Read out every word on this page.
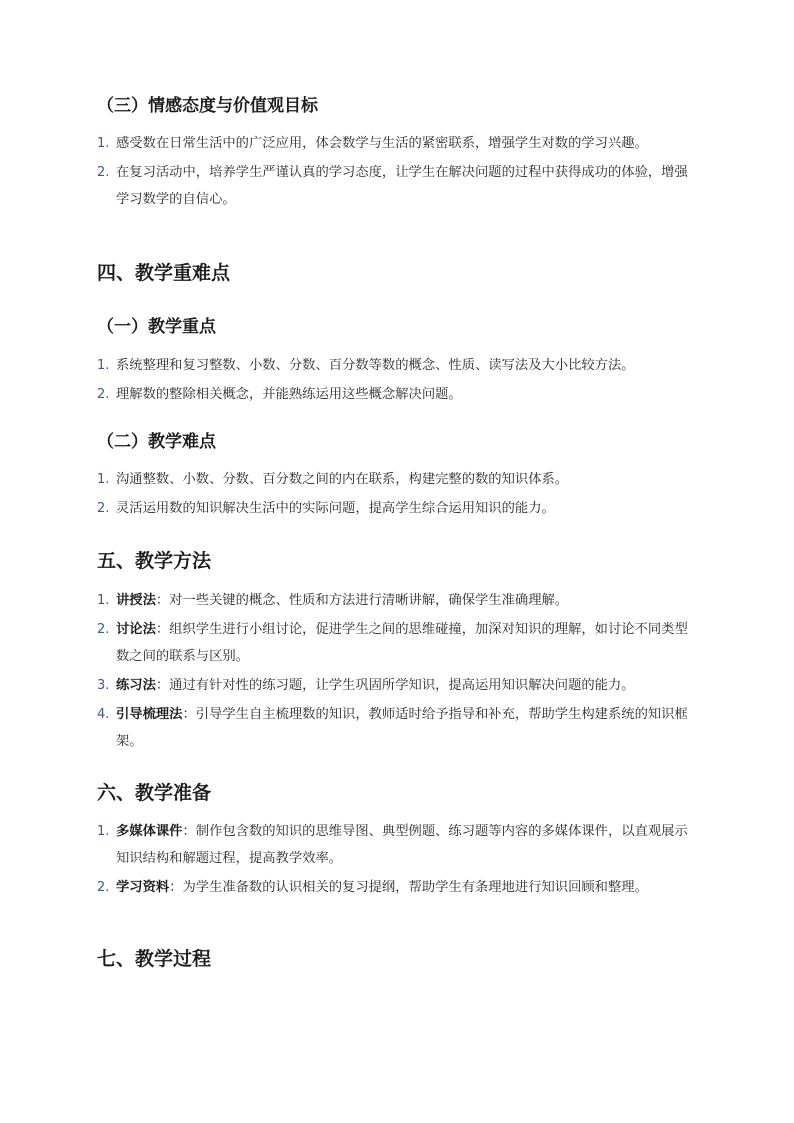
（三）情感态度与价值观目标
1. 感受数在日常生活中的广泛应用，体会数学与生活的紧密联系，增强学生对数的学习兴趣。
2. 在复习活动中，培养学生严谨认真的学习态度，让学生在解决问题的过程中获得成功的体验，增强学习数学的自信心。
四、教学重难点
（一）教学重点
1. 系统整理和复习整数、小数、分数、百分数等数的概念、性质、读写法及大小比较方法。
2. 理解数的整除相关概念，并能熟练运用这些概念解决问题。
（二）教学难点
1. 沟通整数、小数、分数、百分数之间的内在联系，构建完整的数的知识体系。
2. 灵活运用数的知识解决生活中的实际问题，提高学生综合运用知识的能力。
五、教学方法
1. 讲授法：对一些关键的概念、性质和方法进行清晰讲解，确保学生准确理解。
2. 讨论法：组织学生进行小组讨论，促进学生之间的思维碰撞，加深对知识的理解，如讨论不同类型数之间的联系与区别。
3. 练习法：通过有针对性的练习题，让学生巩固所学知识，提高运用知识解决问题的能力。
4. 引导梳理法：引导学生自主梳理数的知识，教师适时给予指导和补充，帮助学生构建系统的知识框架。
六、教学准备
1. 多媒体课件：制作包含数的知识的思维导图、典型例题、练习题等内容的多媒体课件，以直观展示知识结构和解题过程，提高教学效率。
2. 学习资料：为学生准备数的认识相关的复习提纲，帮助学生有条理地进行知识回顾和整理。
七、教学过程
